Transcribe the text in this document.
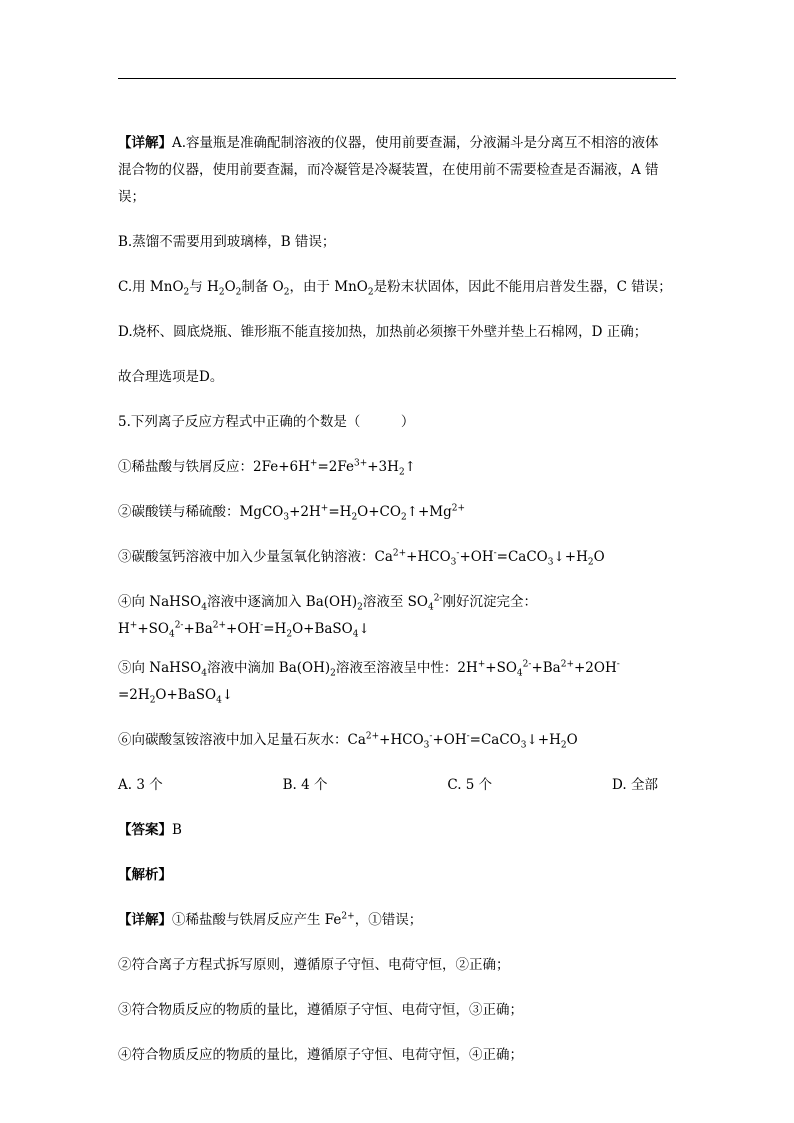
【详解】A.容量瓶是准确配制溶液的仪器，使用前要查漏，分液漏斗是分离互不相溶的液体
混合物的仪器，使用前要查漏，而冷凝管是冷凝装置，在使用前不需要检查是否漏液，A 错
误；

B.蒸馏不需要用到玻璃棒，B 错误；

C.用 MnO$_2$与 $H_2O_2$制备 $O_2$，由于 MnO$_2$是粉末状固体，因此不能用启普发生器，C 错误；

D.烧杯、圆底烧瓶、锥形瓶不能直接加热，加热前必须擦干外壁并垫上石棉网，D 正确；

故合理选项是D。

5.下列离子反应方程式中正确的个数是（　　　）

①稀盐酸与铁屑反应：$2Fe+6H^+=2Fe^{3+}+3H_2↑$

②碳酸镁与稀硫酸：$MgCO_3+2H^+=H_2O+CO_2↑+Mg^{2+}$

③碳酸氢钙溶液中加入少量氢氧化钠溶液：$Ca^{2+}+HCO_3^-+OH^-=CaCO_3↓+H_2O$

④向 NaHSO$_4$溶液中逐滴加入 $Ba(OH)_2$溶液至 $SO_4^{2-}$刚好沉淀完全：
$H^++SO_4^{2-}+Ba^{2+}+OH^-=H_2O+BaSO_4↓$

⑤向 NaHSO$_4$溶液中滴加 $Ba(OH)_2$溶液至溶液呈中性：$2H^++SO_4^{2-}+Ba^{2+}+2OH^-=2H_2O+BaSO_4↓$

⑥向碳酸氢铵溶液中加入足量石灰水：$Ca^{2+}+HCO_3^-+OH^-=CaCO_3↓+H_2O$

A. 3 个	B. 4 个	C. 5 个	D. 全部

【答案】B

【解析】

【详解】①稀盐酸与铁屑反应产生 $Fe^{2+}$，①错误；

②符合离子方程式拆写原则，遵循原子守恒、电荷守恒，②正确；

③符合物质反应的物质的量比，遵循原子守恒、电荷守恒，③正确；

④符合物质反应的物质的量比，遵循原子守恒、电荷守恒，④正确；
